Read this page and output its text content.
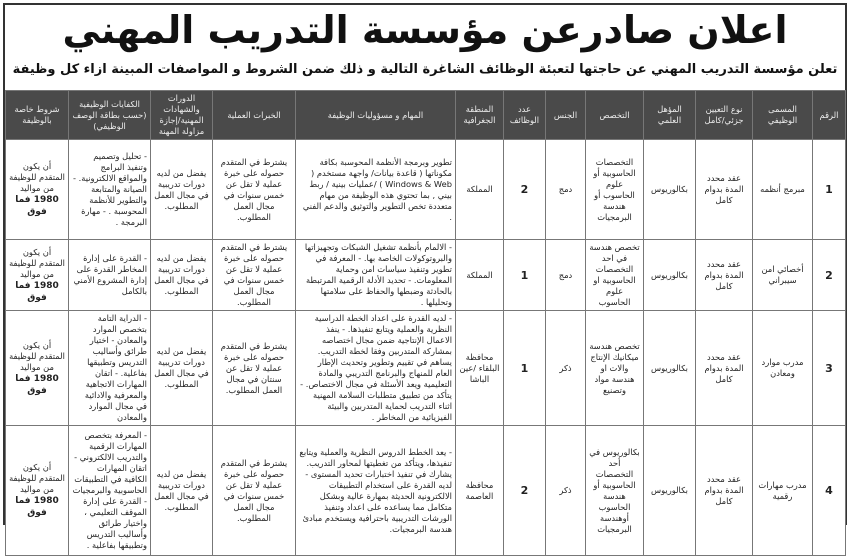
اعلان صادرعن مؤسسة التدريب المهني
تعلن مؤسسة التدريب المهني عن حاجتها لتعبئة الوظائف الشاغرة التالية و ذلك ضمن الشروط و المواصفات المبينة ازاء كل وظيفة
الرقم	المسمى الوظيفي	نوع التعيين جزئي/كامل	المؤهل العلمي	التخصص	الجنس	عدد الوظائف	المنطقة الجغرافية	المهام و مسؤوليات الوظيفة	الخبرات العملية	الدورات والشهادات المهنية/إجازة مزاولة المهنة	الكفايات الوظيفية (حسب بطاقة الوصف الوظيفي)	شروط خاصة بالوظيفة
1	مبرمج أنظمه	عقد محدد المدة بدوام كامل	بكالوريوس	التخصصات الحاسوبية أو علوم الحاسوب أو هندسة البرمجيات	دمج	2	المملكة	تطوير وبرمجة الأنظمة المحوسبة بكافة مكوناتها ( قاعدة بيانات/ واجهة مستخدم ( Windows & Web ) /عمليات بينية / ربط بيني , بما تحتوي هذه الوظيفة من مهام متعددة تخص التطوير والتوثيق والدعم الفني .	يشترط في المتقدم حصوله على خبرة عملية لا تقل عن خمس سنوات في مجال العمل المطلوب.	يفضل من لديه دورات تدريبية في مجال العمل المطلوب.	- تحليل وتصميم وتنفيذ البرامج والمواقع الالكترونية. - الصيانة والمتابعة والتطوير للأنظمة المحوسبة . - مهارة البرمجة .	أن يكون المتقدم للوظيفة من مواليد
1980 فما فوق
2	أخصائي امن سيبراني	عقد محدد المدة بدوام كامل	بكالوريوس	تخصص هندسة في احد التخصصات الحاسوبية او علوم الحاسوب	دمج	1	المملكة	- الالمام بأنظمة تشغيل الشبكات وتجهيزاتها والبروتوكولات الخاصة بها. - المعرفة في تطوير وتنفيذ سياسات امن وحماية المعلومات. - تحديد الأدلة الرقمية المرتبطة بالحادثة وضبطها والحفاظ على سلامتها وتحليلها .	يشترط في المتقدم حصوله على خبرة عملية لا تقل عن خمس سنوات في مجال العمل المطلوب.	يفضل من لديه دورات تدريبية في مجال العمل المطلوب.	- القدرة على إدارة المخاطر القدرة على إدارة المشروع الأمني بالكامل	أن يكون المتقدم للوظيفة من مواليد
1980 فما فوق
3	مدرب موارد ومعادن	عقد محدد المدة بدوام كامل	بكالوريوس	تخصص هندسة ميكانيك الإنتاج والات او هندسة مواد وتصنيع	ذكر	1	محافظة البلقاء /عين الباشا	- لديه القدرة على اعداد الخطة الدراسية النظرية والعملية ويتابع تنفيذها. - ينفذ الاعمال الإنتاجية ضمن مجال اختصاصه بمشاركة المتدربين وفقا لخطة التدريب. يساهم في تقييم وتطوير وتحديث الإطار العام للمنهاج والبرنامج التدريبي والمادة التعليمية ويعد الأسئلة في مجال الاختصاص. - يتأكد من تطبيق متطلبات السلامة المهنية اثناء التدريب لحماية المتدربين والبيئة الفيزيائية من المخاطر .	يشترط في المتقدم حصوله على خبرة عملية لا تقل عن سنتان في مجال العمل المطلوب.	يفضل من لديه دورات تدريبية في مجال العمل المطلوب.	- الدراية التامة بتخصص الموارد والمعادن - اختيار طرائق وأساليب التدريس وتطبيقها بفاعلية. - اتقان المهارات الاتجاهية والمعرفية والادائية في مجال الموارد والمعادن	أن يكون المتقدم للوظيفة من مواليد
1980 فما فوق
4	مدرب مهارات رقمية	عقد محدد المدة بدوام كامل	بكالوريوس	بكالوريوس في أحد التخصصات الحاسوبية أو هندسة الحاسوب أوهندسة البرمجيات	ذكر	2	محافظة العاصمة	- يعد الخطط الدروس النظرية والعملية ويتابع تنفيذها، ويتأكد من تغطيتها لمحاور التدريب. يشارك في تنفيذ اختبارات تحديد المستوى - لديه القدرة على استخدام التطبيقات الالكترونية الحديثة بمهارة عالية وبشكل متكامل مما يساعده على اعداد وتنفيذ الورشات التدريبية باحترافية ويستخدم مبادئ هندسة البرمجيات.	يشترط في المتقدم حصوله على خبرة عملية لا تقل عن خمس سنوات في مجال العمل المطلوب.	يفضل من لديه دورات تدريبية في مجال العمل المطلوب.	- المعرفة بتخصص المهارات الرقمية والتدريب الالكتروني - اتقان المهارات الكافية في التطبيقات الحاسوبية والبرمجيات - القدرة على إدارة الموقف التعليمي ، واختيار طرائق وأساليب التدريس وتطبيقها بفاعلية .	أن يكون المتقدم للوظيفة من مواليد
1980 فما فوق
